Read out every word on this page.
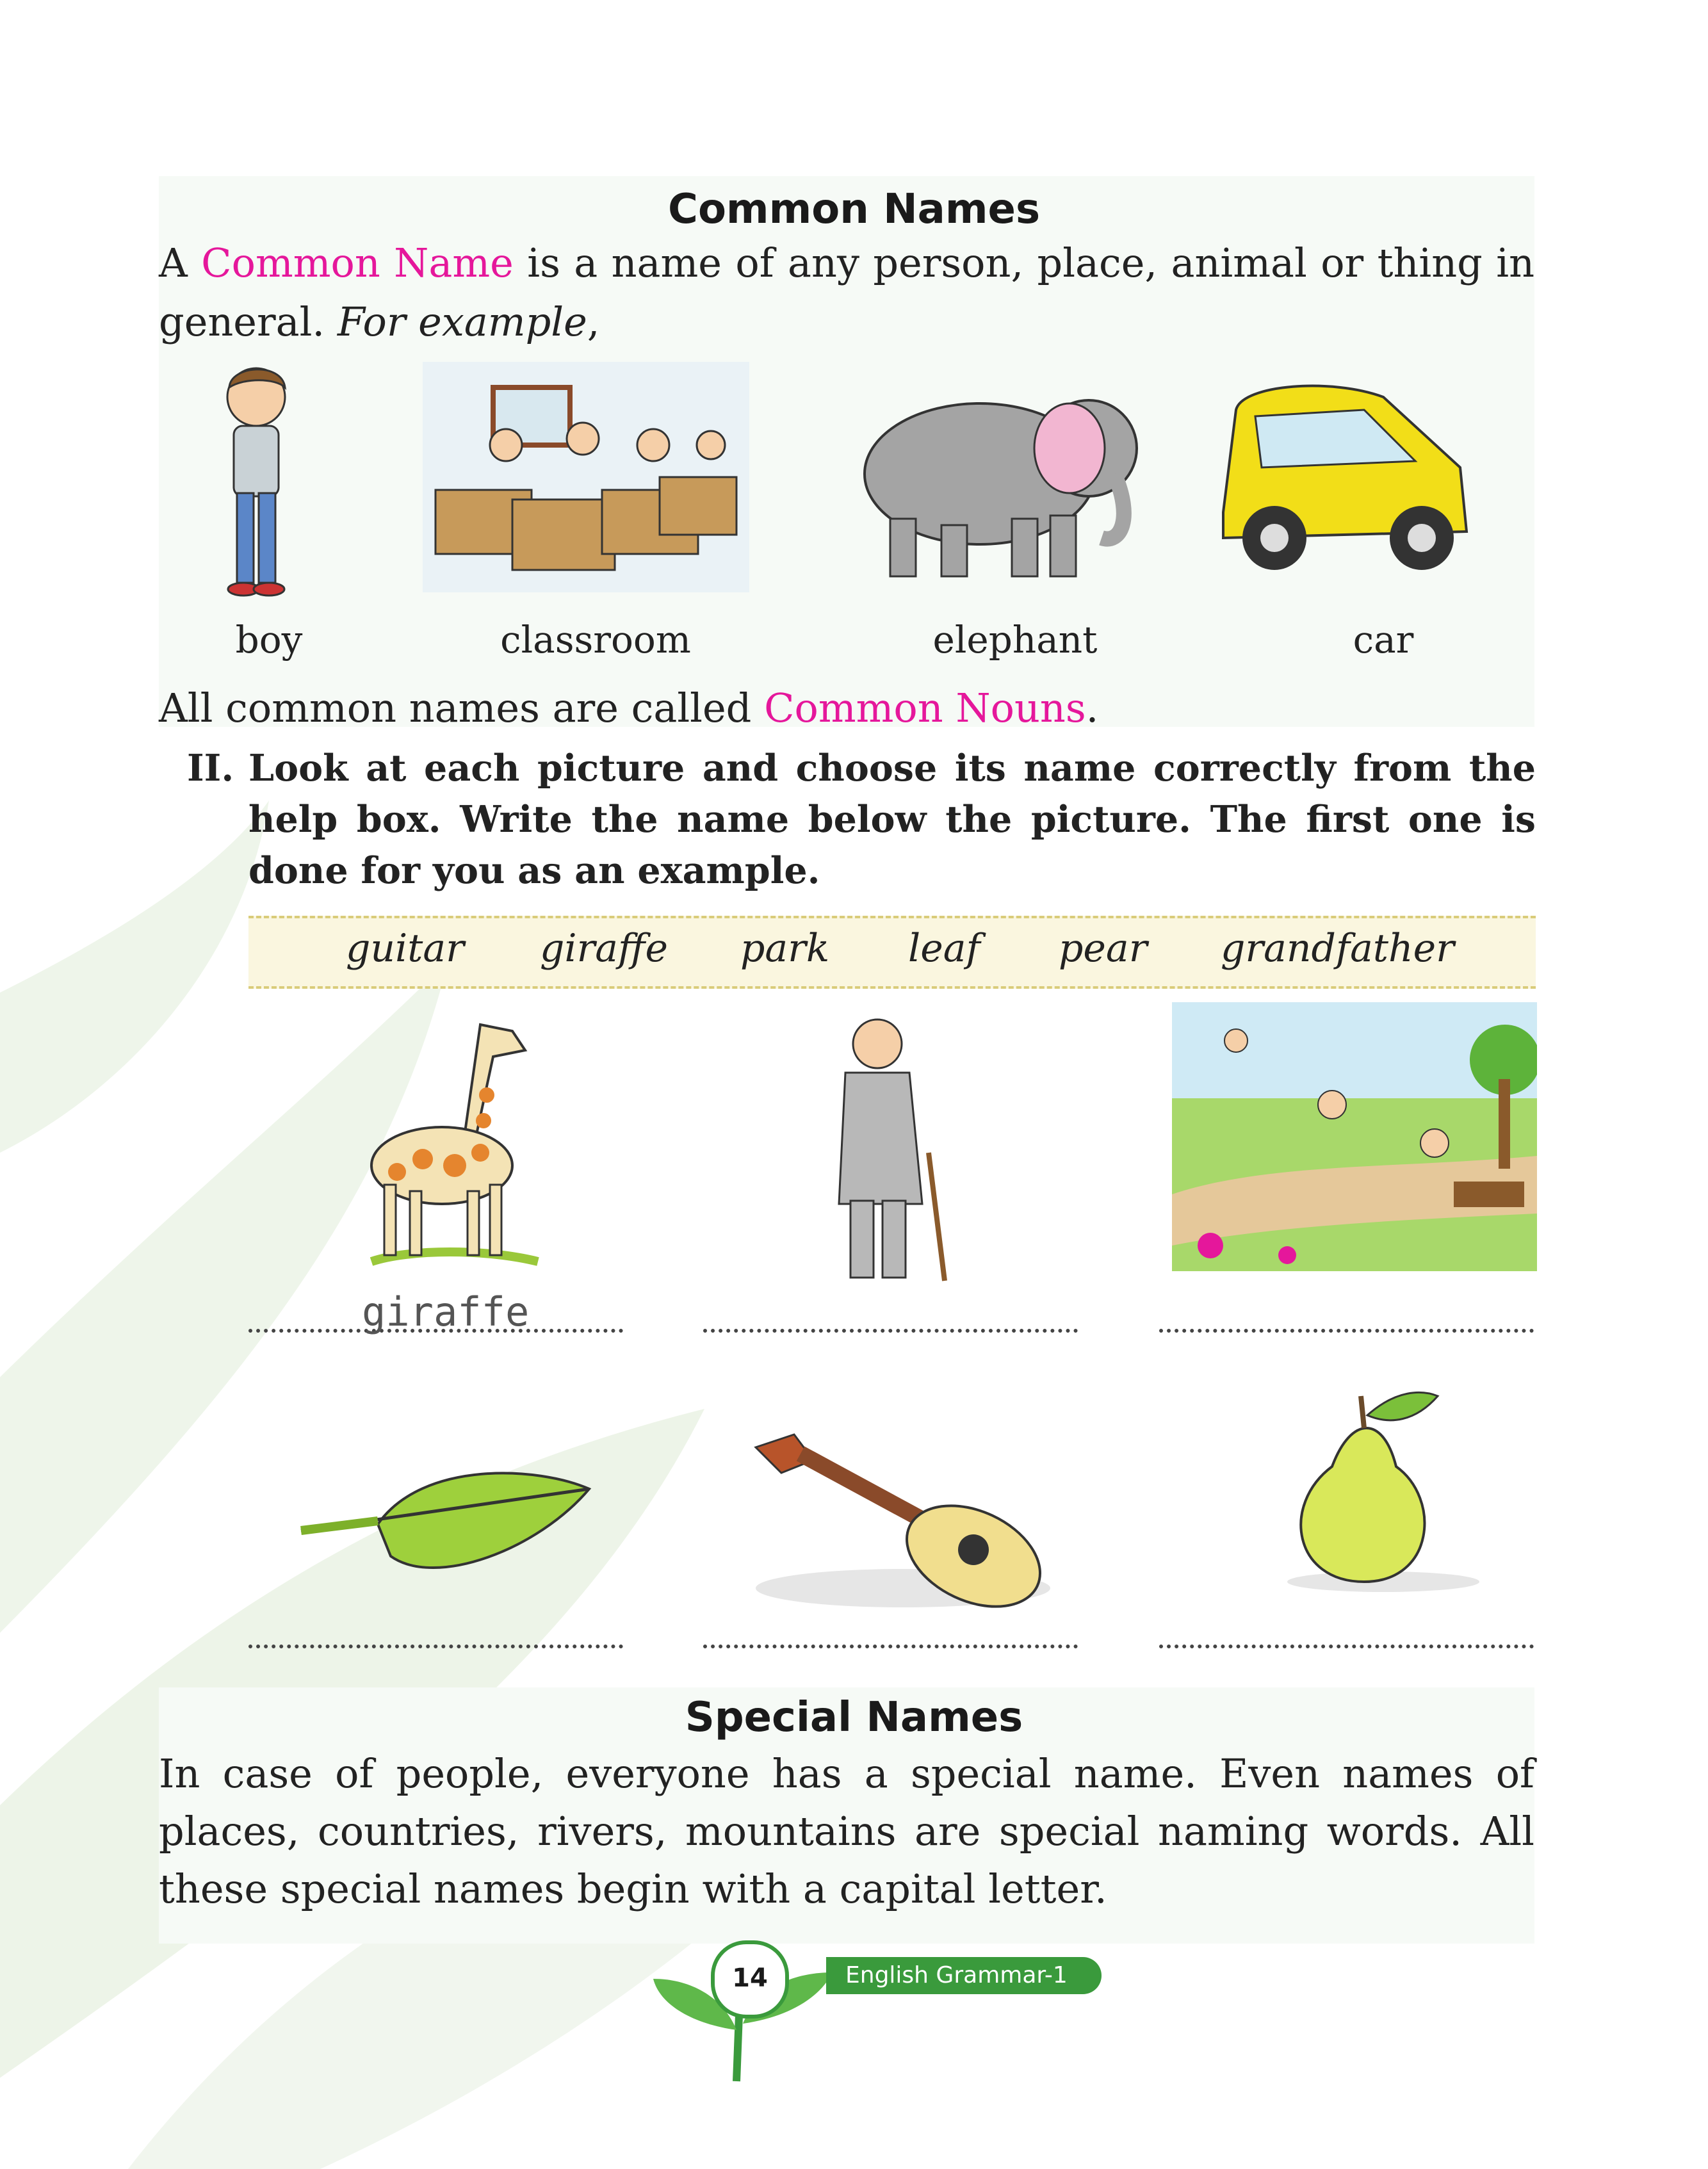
Common Names
A Common Name is a name of any person, place, animal or thing in general. For example,
boy	classroom	elephant	car
All common names are called Common Nouns.
II. Look at each picture and choose its name correctly from the help box. Write the name below the picture. The first one is done for you as an example.
guitar giraffe park leaf pear grandfather
giraffe
Special Names
In case of people, everyone has a special name. Even names of places, countries, rivers, mountains are special naming words. All these special names begin with a capital letter.
14	English Grammar-1
